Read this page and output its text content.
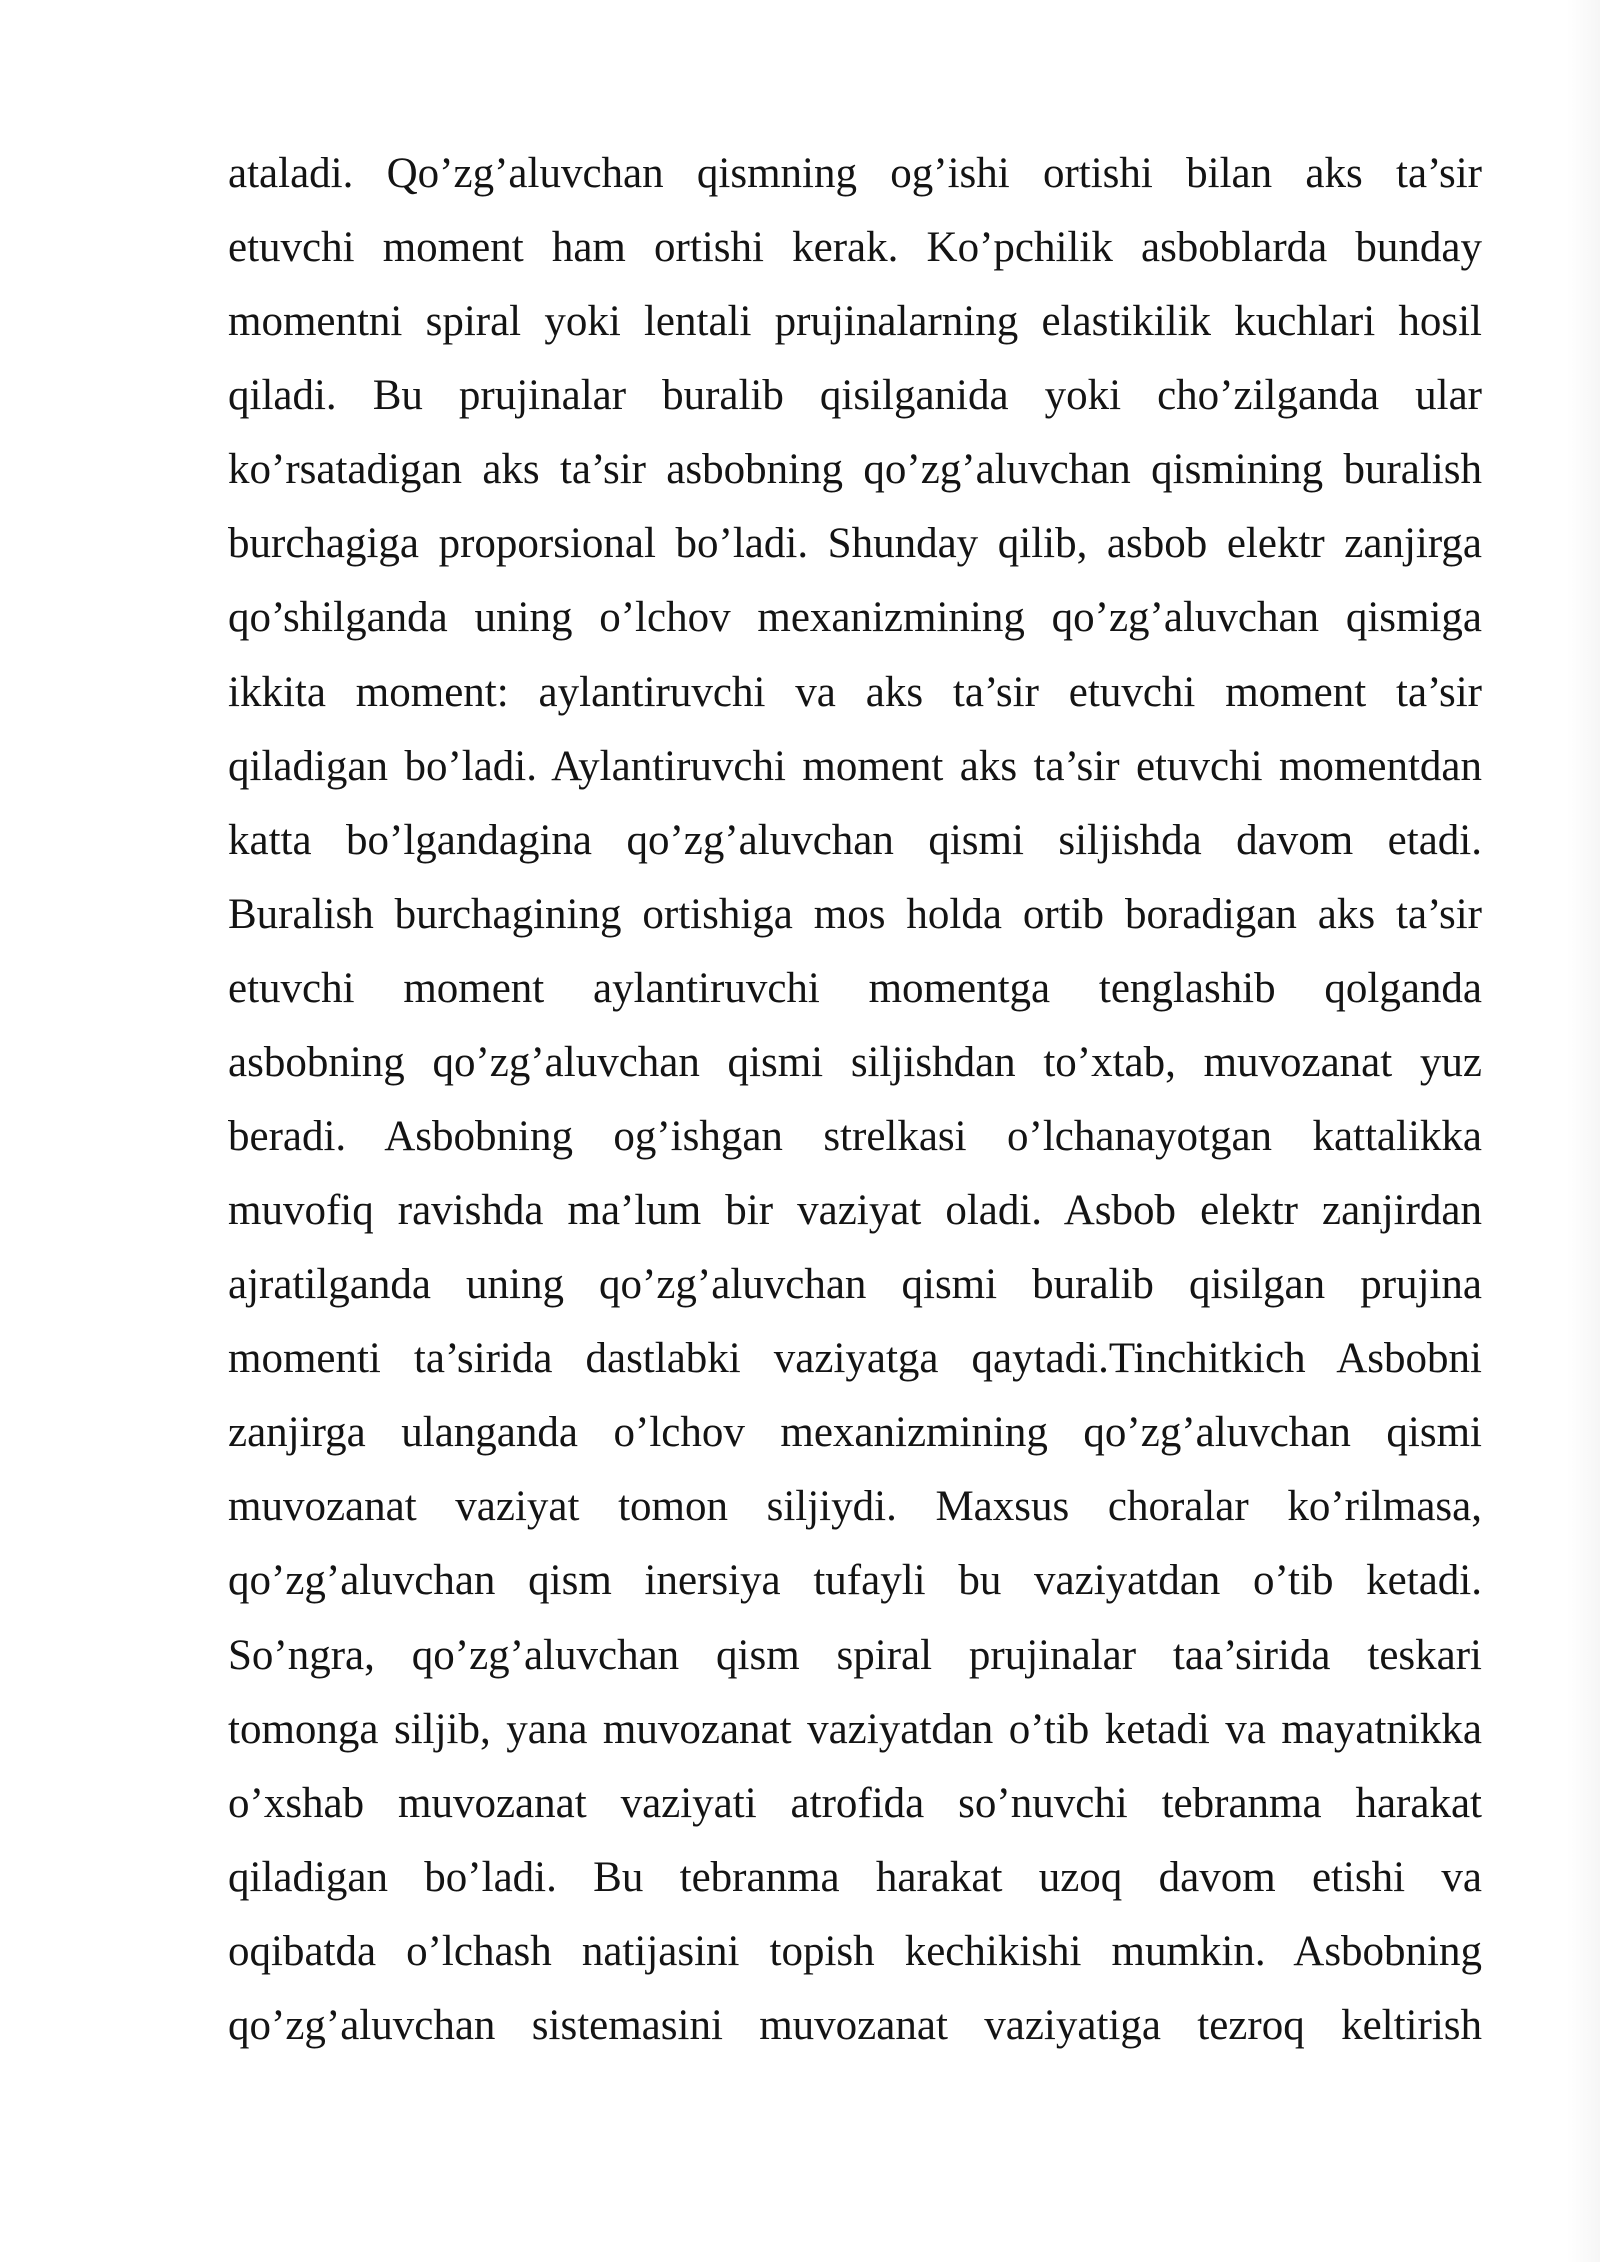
ataladi. Qo’zg’aluvchan qismning og’ishi ortishi bilan aks ta’sir
etuvchi moment ham ortishi kerak. Ko’pchilik asboblarda bunday
momentni spiral yoki lentali prujinalarning elastikilik kuchlari hosil
qiladi. Bu prujinalar buralib qisilganida yoki cho’zilganda ular
ko’rsatadigan aks ta’sir asbobning qo’zg’aluvchan qismining buralish
burchagiga proporsional bo’ladi. Shunday qilib, asbob elektr zanjirga
qo’shilganda uning o’lchov mexanizmining qo’zg’aluvchan qismiga
ikkita moment: aylantiruvchi va aks ta’sir etuvchi moment ta’sir
qiladigan bo’ladi. Aylantiruvchi moment aks ta’sir etuvchi momentdan
katta bo’lgandagina qo’zg’aluvchan qismi siljishda davom etadi.
Buralish burchagining ortishiga mos holda ortib boradigan aks ta’sir
etuvchi moment aylantiruvchi momentga tenglashib qolganda
asbobning qo’zg’aluvchan qismi siljishdan to’xtab, muvozanat yuz
beradi. Asbobning og’ishgan strelkasi o’lchanayotgan kattalikka
muvofiq ravishda ma’lum bir vaziyat oladi. Asbob elektr zanjirdan
ajratilganda uning qo’zg’aluvchan qismi buralib qisilgan prujina
momenti ta’sirida dastlabki vaziyatga qaytadi.Tinchitkich Asbobni
zanjirga ulanganda o’lchov mexanizmining qo’zg’aluvchan qismi
muvozanat vaziyat tomon siljiydi. Maxsus choralar ko’rilmasa,
qo’zg’aluvchan qism inersiya tufayli bu vaziyatdan o’tib ketadi.
So’ngra, qo’zg’aluvchan qism spiral prujinalar taa’sirida teskari
tomonga siljib, yana muvozanat vaziyatdan o’tib ketadi va mayatnikka
o’xshab muvozanat vaziyati atrofida so’nuvchi tebranma harakat
qiladigan bo’ladi. Bu tebranma harakat uzoq davom etishi va
oqibatda o’lchash natijasini topish kechikishi mumkin. Asbobning
qo’zg’aluvchan sistemasini muvozanat vaziyatiga tezroq keltirish
